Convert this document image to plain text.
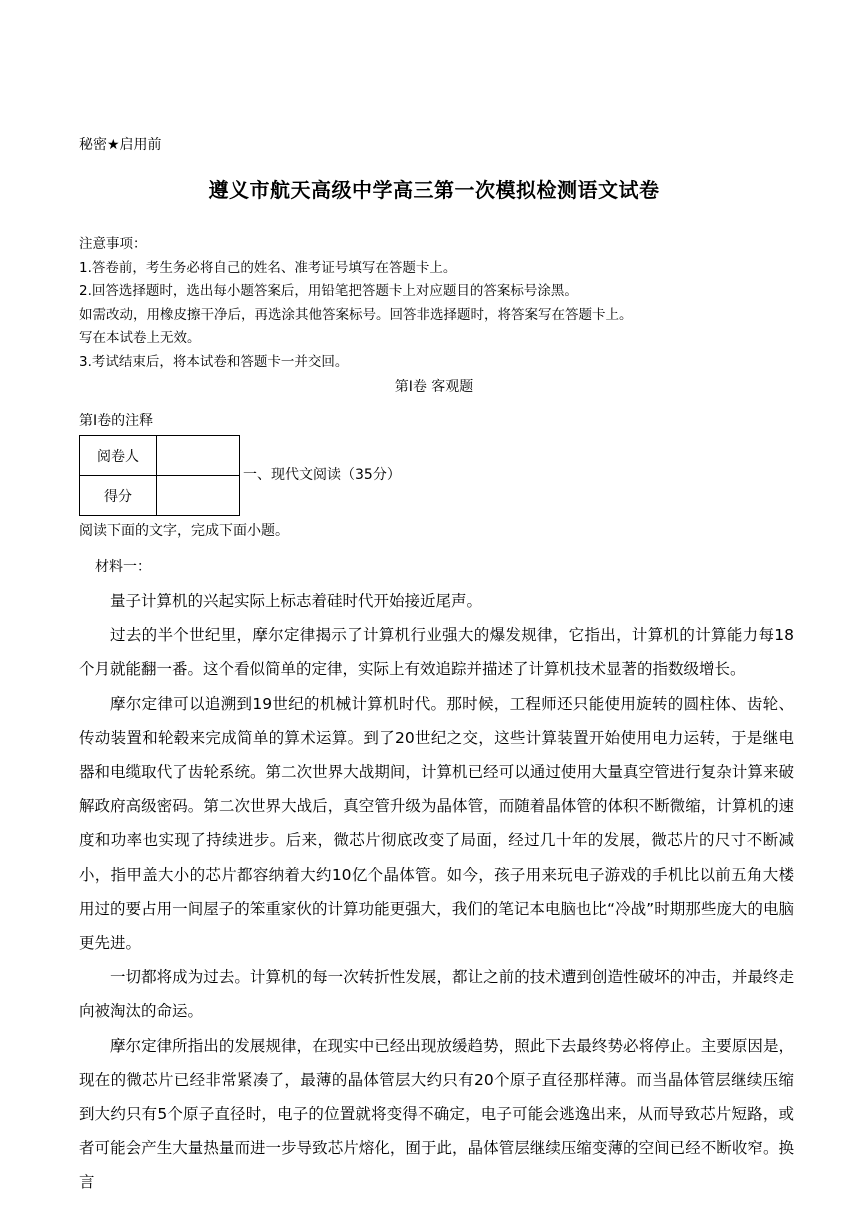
秘密★启用前
遵义市航天高级中学高三第一次模拟检测语文试卷
注意事项：
1.答卷前，考生务必将自己的姓名、准考证号填写在答题卡上。
2.回答选择题时，选出每小题答案后，用铅笔把答题卡上对应题目的答案标号涂黑。
如需改动，用橡皮擦干净后，再选涂其他答案标号。回答非选择题时，将答案写在答题卡上。
写在本试卷上无效。
3.考试结束后，将本试卷和答题卡一并交回。
第Ⅰ卷 客观题
第Ⅰ卷的注释
阅卷人	
得分	
一、现代文阅读（35分）
阅读下面的文字，完成下面小题。
材料一：

量子计算机的兴起实际上标志着硅时代开始接近尾声。

过去的半个世纪里，摩尔定律揭示了计算机行业强大的爆发规律，它指出，计算机的计算能力每18个月就能翻一番。这个看似简单的定律，实际上有效追踪并描述了计算机技术显著的指数级增长。

摩尔定律可以追溯到19世纪的机械计算机时代。那时候，工程师还只能使用旋转的圆柱体、齿轮、传动装置和轮毂来完成简单的算术运算。到了20世纪之交，这些计算装置开始使用电力运转，于是继电器和电缆取代了齿轮系统。第二次世界大战期间，计算机已经可以通过使用大量真空管进行复杂计算来破解政府高级密码。第二次世界大战后，真空管升级为晶体管，而随着晶体管的体积不断微缩，计算机的速度和功率也实现了持续进步。后来，微芯片彻底改变了局面，经过几十年的发展，微芯片的尺寸不断减小，指甲盖大小的芯片都容纳着大约10亿个晶体管。如今，孩子用来玩电子游戏的手机比以前五角大楼用过的要占用一间屋子的笨重家伙的计算功能更强大，我们的笔记本电脑也比“冷战”时期那些庞大的电脑更先进。

一切都将成为过去。计算机的每一次转折性发展，都让之前的技术遭到创造性破坏的冲击，并最终走向被淘汰的命运。

摩尔定律所指出的发展规律，在现实中已经出现放缓趋势，照此下去最终势必将停止。主要原因是，现在的微芯片已经非常紧凑了，最薄的晶体管层大约只有20个原子直径那样薄。而当晶体管层继续压缩到大约只有5个原子直径时，电子的位置就将变得不确定，电子可能会逃逸出来，从而导致芯片短路，或者可能会产生大量热量而进一步导致芯片熔化，囿于此，晶体管层继续压缩变薄的空间已经不断收窄。换言
